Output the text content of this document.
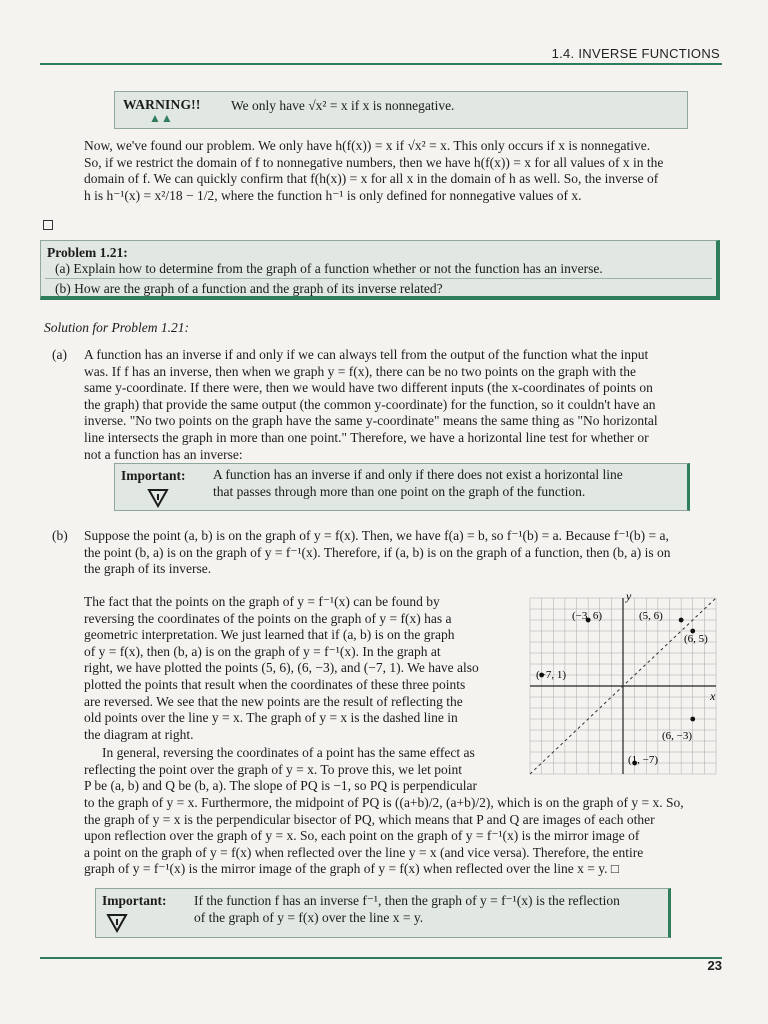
1.4. INVERSE FUNCTIONS
WARNING!!
▲▲
We only have √x² = x if x is nonnegative.
Now, we've found our problem. We only have h(f(x)) = x if √x² = x. This only occurs if x is nonnegative.
So, if we restrict the domain of f to nonnegative numbers, then we have h(f(x)) = x for all values of x in the
domain of f. We can quickly confirm that f(h(x)) = x for all x in the domain of h as well. So, the inverse of
h is h⁻¹(x) = x²/18 − 1/2, where the function h⁻¹ is only defined for nonnegative values of x.
Problem 1.21:
(a) Explain how to determine from the graph of a function whether or not the function has an inverse.
(b) How are the graph of a function and the graph of its inverse related?
Solution for Problem 1.21:
(a) A function has an inverse if and only if we can always tell from the output of the function what the input
was. If f has an inverse, then when we graph y = f(x), there can be no two points on the graph with the
same y-coordinate. If there were, then we would have two different inputs (the x-coordinates of points on
the graph) that provide the same output (the common y-coordinate) for the function, so it couldn't have an
inverse. "No two points on the graph have the same y-coordinate" means the same thing as "No horizontal
line intersects the graph in more than one point." Therefore, we have a horizontal line test for whether or
not a function has an inverse:
Important: A function has an inverse if and only if there does not exist a horizontal line
that passes through more than one point on the graph of the function.
(b) Suppose the point (a, b) is on the graph of y = f(x). Then, we have f(a) = b, so f⁻¹(b) = a. Because f⁻¹(b) = a,
the point (b, a) is on the graph of y = f⁻¹(x). Therefore, if (a, b) is on the graph of a function, then (b, a) is on
the graph of its inverse.
The fact that the points on the graph of y = f⁻¹(x) can be found by
reversing the coordinates of the points on the graph of y = f(x) has a
geometric interpretation. We just learned that if (a, b) is on the graph
of y = f(x), then (b, a) is on the graph of y = f⁻¹(x). In the graph at
right, we have plotted the points (5, 6), (6, −3), and (−7, 1). We have also
plotted the points that result when the coordinates of these three points
are reversed. We see that the new points are the result of reflecting the
old points over the line y = x. The graph of y = x is the dashed line in
the diagram at right.
In general, reversing the coordinates of a point has the same effect as
reflecting the point over the graph of y = x. To prove this, we let point
P be (a, b) and Q be (b, a). The slope of PQ is −1, so PQ is perpendicular
to the graph of y = x. Furthermore, the midpoint of PQ is ((a+b)/2, (a+b)/2), which is on the graph of y = x. So,
the graph of y = x is the perpendicular bisector of PQ, which means that P and Q are images of each other
upon reflection over the graph of y = x. So, each point on the graph of y = f⁻¹(x) is the mirror image of
a point on the graph of y = f(x) when reflected over the line y = x (and vice versa). Therefore, the entire
graph of y = f⁻¹(x) is the mirror image of the graph of y = f(x) when reflected over the line x = y. □
x
y
(−3, 6)	(5, 6)
(6, 5)
(−7, 1)
(6, −3)
(1, −7)
Important: If the function f has an inverse f⁻¹, then the graph of y = f⁻¹(x) is the reflection
of the graph of y = f(x) over the line x = y.
23
